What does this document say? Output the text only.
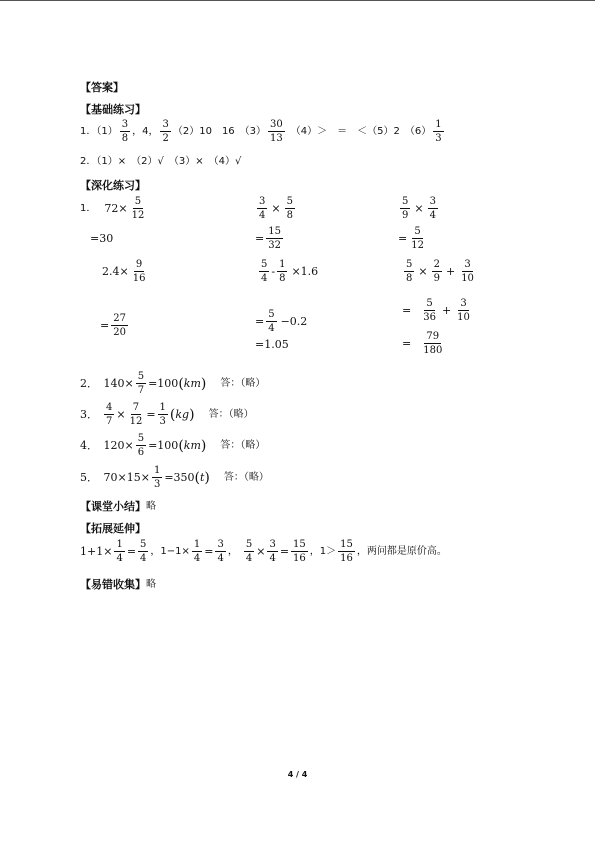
【答案】
【基础练习】
1．$(1) \frac{3}{8}$ ，4， $\frac{3}{2} (2)10$　16　$(3) \frac{30}{13} (4)>$　＝　＜（5）2　$(6) \frac{1}{3}$
2．（1）×　（2）√　（3）×　（4）√
【深化练习】
1． $72\times \frac{5}{12}$
=30
$\frac{3}{4} \times \frac{5}{8}$
= $\frac{15}{32}$
$\frac{5}{9} \times \frac{3}{4}$
= $\frac{5}{12}$
$2.4\times \frac{9}{16}$
= $\frac{27}{20}$
$\frac{5}{4} - \frac{1}{8} \times 1.6$
= $\frac{5}{4} -0.2$
=1.05
$\frac{5}{8} \times \frac{2}{9} + \frac{3}{10}$
= $\frac{5}{36} + \frac{3}{10}$
= $\frac{79}{180}$
2．　$140\times \frac{5}{7} =100$ ( km ) 答：（略）
3． $\frac{4}{7} \times \frac{7}{12} = \frac{1}{3}$ ( kg ) 答：（略）
4．　$120\times \frac{5}{6} =100$ ( km ) 答：（略）
5．　$70\times 15\times \frac{1}{3} =350$ ( t ) 答：（略）
【课堂小结】 略
【拓展延伸】
$1+1\times \frac{1}{4} = \frac{5}{4}$ ，$1-1\times \frac{1}{4} = \frac{3}{4}$ ， $\frac{5}{4} \times \frac{3}{4} = \frac{15}{16}$ ，$1> \frac{15}{16}$ ，两问都是原价高。
【易错收集】 略
4 / 4
